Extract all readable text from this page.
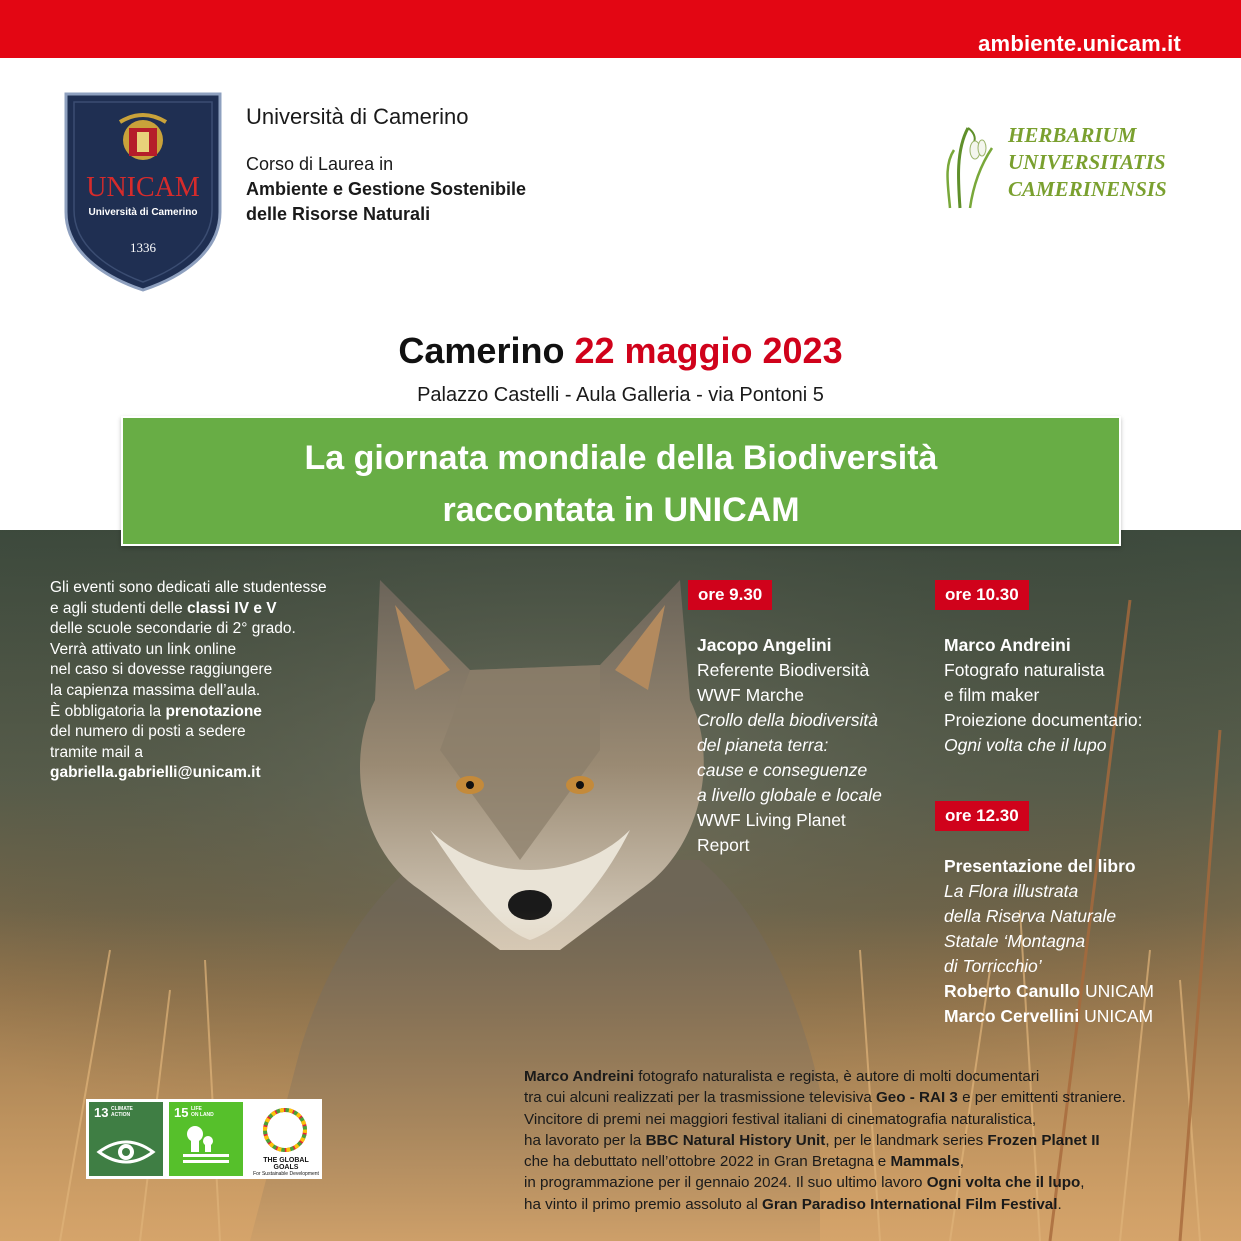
ambiente.unicam.it
UNICAM
Università di Camerino
1336
Università di Camerino
Corso di Laurea in
Ambiente e Gestione Sostenibile
delle Risorse Naturali
HERBARIUM
UNIVERSITATIS
CAMERINENSIS
Camerino 22 maggio 2023
Palazzo Castelli - Aula Galleria - via Pontoni 5
La giornata mondiale della Biodiversità
raccontata in UNICAM
Gli eventi sono dedicati alle studentesse
e agli studenti delle classi IV e V
delle scuole secondarie di 2° grado.
Verrà attivato un link online
nel caso si dovesse raggiungere
la capienza massima dell’aula.
È obbligatoria la prenotazione
del numero di posti a sedere
tramite mail a
gabriella.gabrielli@unicam.it
ore 9.30
Jacopo Angelini
Referente Biodiversità
WWF Marche
Crollo della biodiversità
del pianeta terra:
cause e conseguenze
a livello globale e locale
WWF Living Planet
Report
ore 10.30
Marco Andreini
Fotografo naturalista
e film maker
Proiezione documentario:
Ogni volta che il lupo
ore 12.30
Presentazione del libro
La Flora illustrata
della Riserva Naturale
Statale ‘Montagna
di Torricchio’
Roberto Canullo UNICAM
Marco Cervellini UNICAM
13 CLIMATE
ACTION	15 LIFE
ON LAND
THE GLOBAL GOALS
For Sustainable Development
Marco Andreini fotografo naturalista e regista, è autore di molti documentari
tra cui alcuni realizzati per la trasmissione televisiva Geo - RAI 3 e per emittenti straniere.
Vincitore di premi nei maggiori festival italiani di cinematografia naturalistica,
ha lavorato per la BBC Natural History Unit, per le landmark series Frozen Planet II
che ha debuttato nell’ottobre 2022 in Gran Bretagna e Mammals,
in programmazione per il gennaio 2024. Il suo ultimo lavoro Ogni volta che il lupo,
ha vinto il primo premio assoluto al Gran Paradiso International Film Festival.
